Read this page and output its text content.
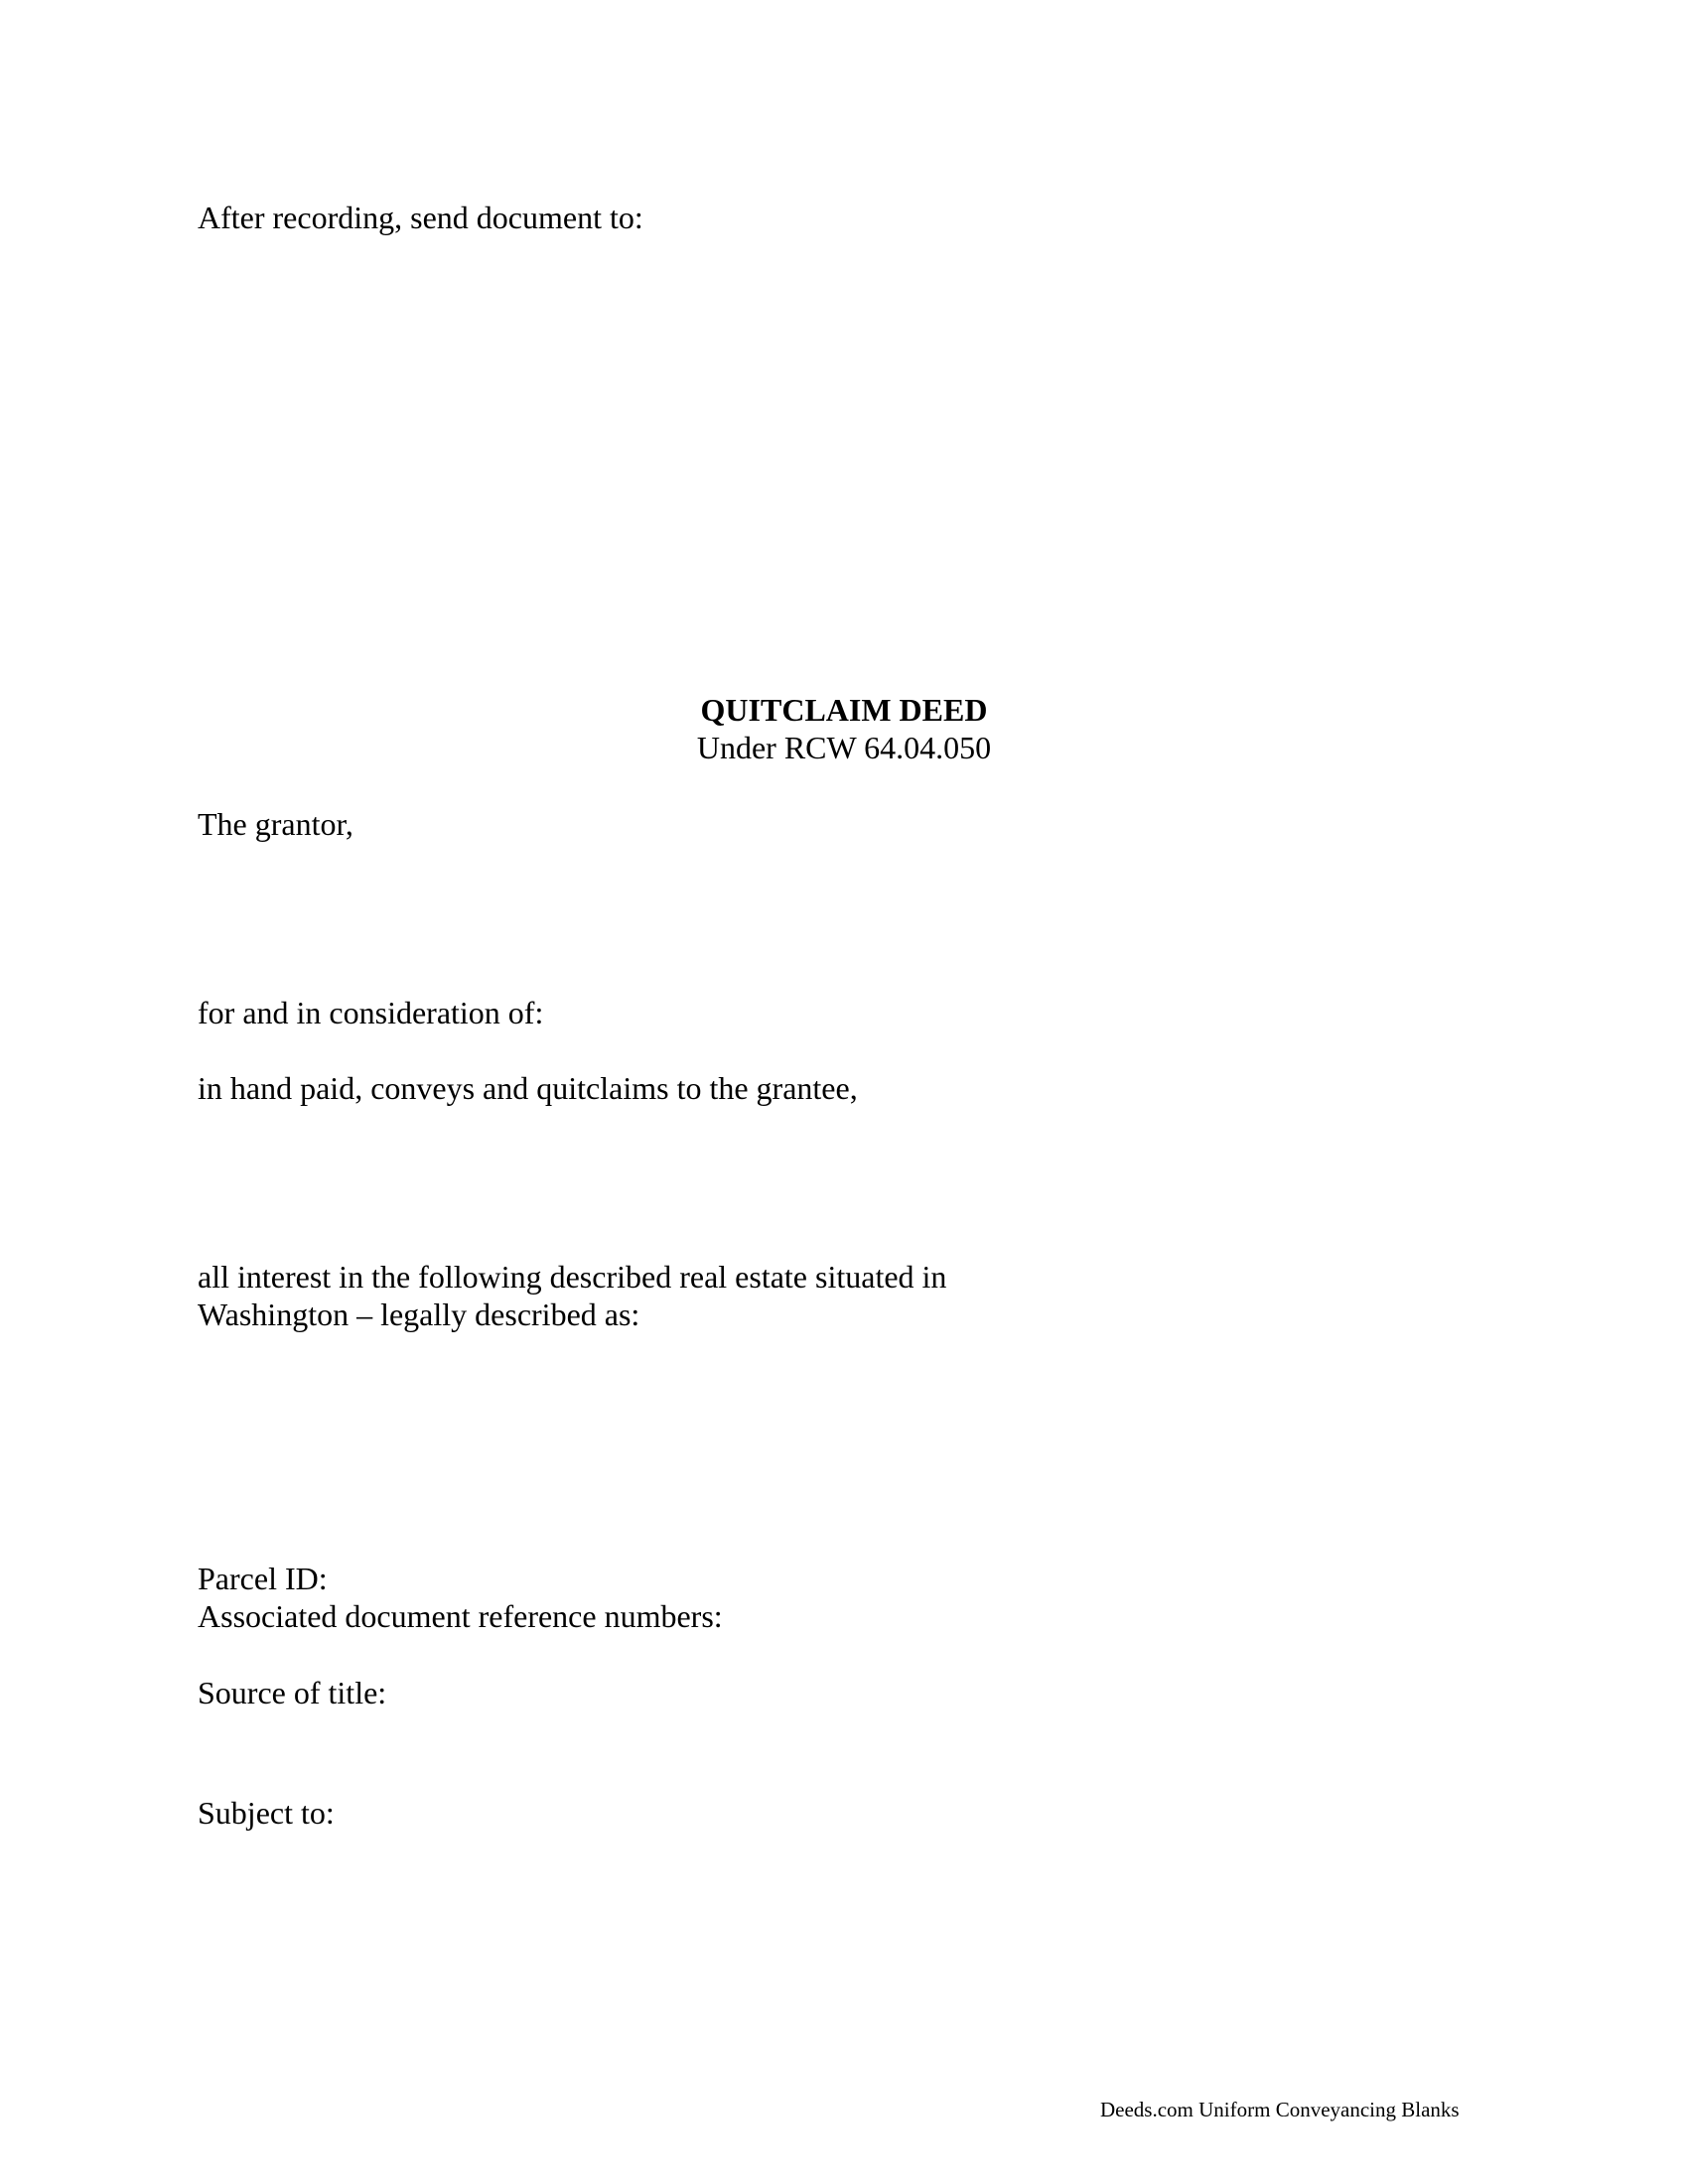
After recording, send document to:
QUITCLAIM DEED
Under RCW 64.04.050
The grantor,
for and in consideration of:
in hand paid, conveys and quitclaims to the grantee,
all interest in the following described real estate situated in
Washington – legally described as:
Parcel ID:
Associated document reference numbers:
Source of title:
Subject to:
Deeds.com Uniform Conveyancing Blanks
